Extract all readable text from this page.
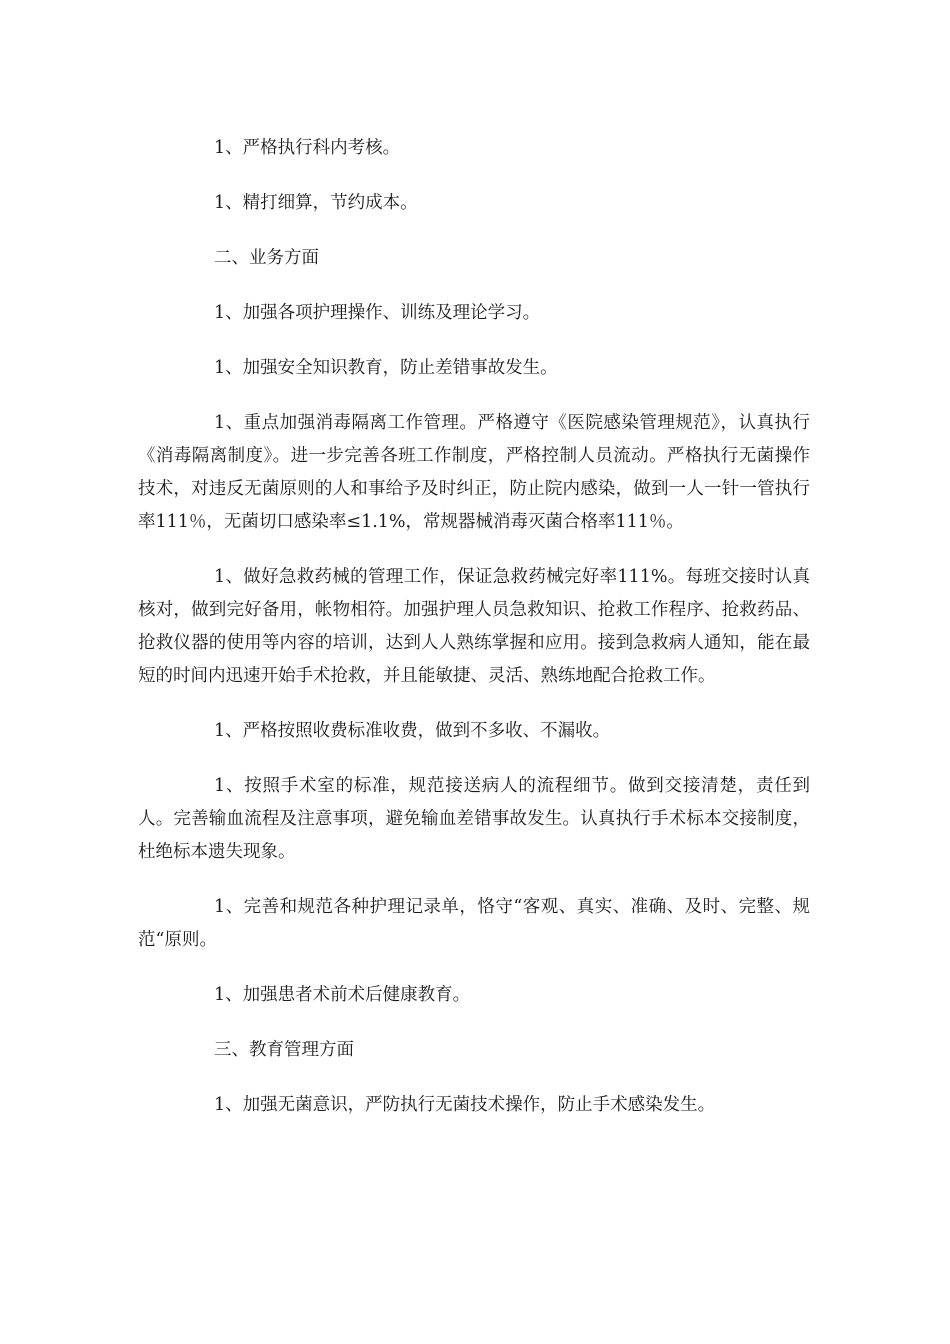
1、严格执行科内考核。

1、精打细算，节约成本。

二、业务方面

1、加强各项护理操作、训练及理论学习。

1、加强安全知识教育，防止差错事故发生。

1、重点加强消毒隔离工作管理。严格遵守《医院感染管理规范》，认真执行《消毒隔离制度》。进一步完善各班工作制度，严格控制人员流动。严格执行无菌操作技术，对违反无菌原则的人和事给予及时纠正，防止院内感染，做到一人一针一管执行率111％，无菌切口感染率≤1.1%，常规器械消毒灭菌合格率111％。

1、做好急救药械的管理工作，保证急救药械完好率111%。每班交接时认真核对，做到完好备用，帐物相符。加强护理人员急救知识、抢救工作程序、抢救药品、抢救仪器的使用等内容的培训，达到人人熟练掌握和应用。接到急救病人通知，能在最短的时间内迅速开始手术抢救，并且能敏捷、灵活、熟练地配合抢救工作。

1、严格按照收费标准收费，做到不多收、不漏收。

1、按照手术室的标准，规范接送病人的流程细节。做到交接清楚，责任到人。完善输血流程及注意事项，避免输血差错事故发生。认真执行手术标本交接制度，杜绝标本遗失现象。

1、完善和规范各种护理记录单，恪守“客观、真实、准确、及时、完整、规范“原则。

1、加强患者术前术后健康教育。

三、教育管理方面

1、加强无菌意识，严防执行无菌技术操作，防止手术感染发生。
